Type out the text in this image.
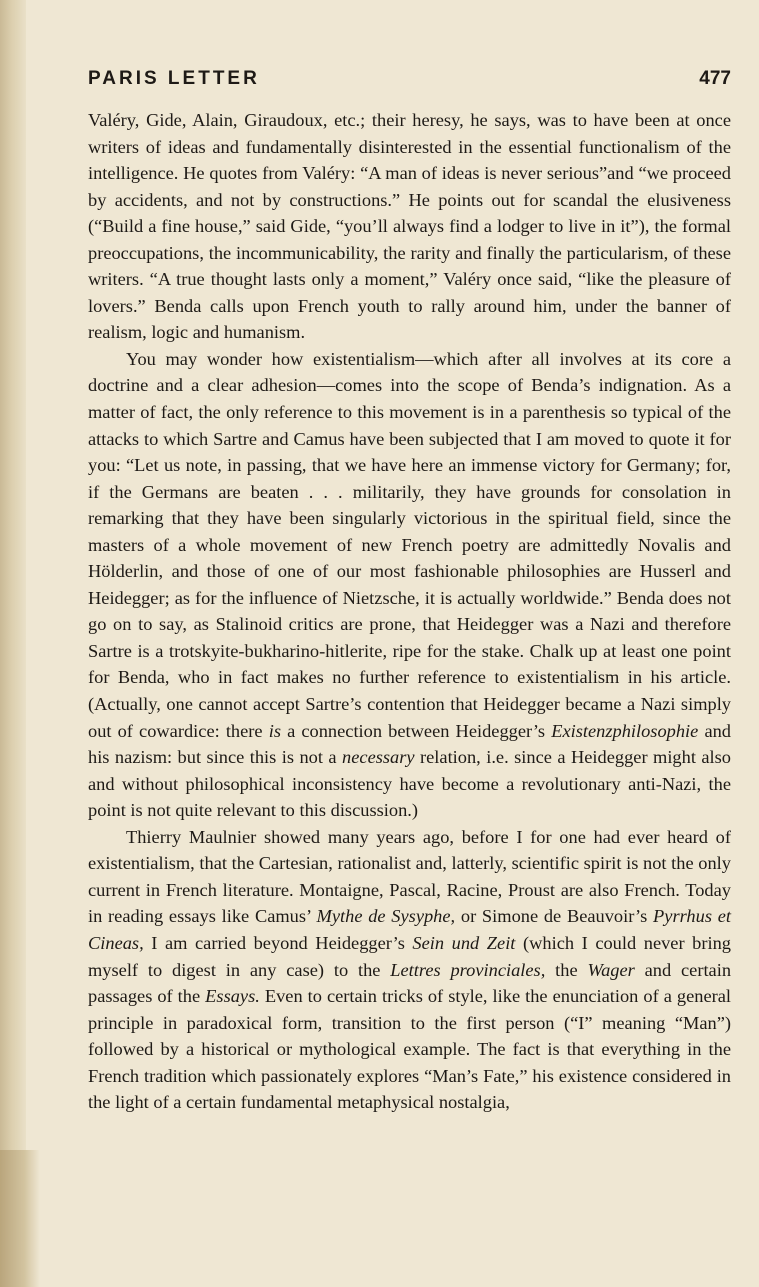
PARIS LETTER	477

Valéry, Gide, Alain, Giraudoux, etc.; their heresy, he says, was to have been at once writers of ideas and fundamentally disinterested in the essential functionalism of the intelligence. He quotes from Valéry: “A man of ideas is never serious”and “we proceed by accidents, and not by constructions.” He points out for scandal the elusiveness (“Build a fine house,” said Gide, “you’ll always find a lodger to live in it”), the formal preoccupations, the incommunicability, the rarity and finally the particularism, of these writers. “A true thought lasts only a moment,” Valéry once said, “like the pleasure of lovers.” Benda calls upon French youth to rally around him, under the banner of realism, logic and humanism.

You may wonder how existentialism—which after all involves at its core a doctrine and a clear adhesion—comes into the scope of Benda’s indignation. As a matter of fact, the only reference to this movement is in a parenthesis so typical of the attacks to which Sartre and Camus have been subjected that I am moved to quote it for you: “Let us note, in passing, that we have here an immense victory for Germany; for, if the Germans are beaten . . . militarily, they have grounds for consolation in remarking that they have been singularly victorious in the spiritual field, since the masters of a whole movement of new French poetry are admittedly Novalis and Hölderlin, and those of one of our most fashionable philosophies are Husserl and Heidegger; as for the influence of Nietzsche, it is actually worldwide.” Benda does not go on to say, as Stalinoid critics are prone, that Heidegger was a Nazi and therefore Sartre is a trotskyite-bukharino-hitlerite, ripe for the stake. Chalk up at least one point for Benda, who in fact makes no further reference to existentialism in his article. (Actually, one cannot accept Sartre’s contention that Heidegger became a Nazi simply out of cowardice: there is a connection between Heidegger’s Existenzphilosophie and his nazism: but since this is not a necessary relation, i.e. since a Heidegger might also and without philosophical inconsistency have become a revolutionary anti-Nazi, the point is not quite relevant to this discussion.)

Thierry Maulnier showed many years ago, before I for one had ever heard of existentialism, that the Cartesian, rationalist and, latterly, scientific spirit is not the only current in French literature. Montaigne, Pascal, Racine, Proust are also French. Today in reading essays like Camus’ Mythe de Sysyphe, or Simone de Beauvoir’s Pyrrhus et Cineas, I am carried beyond Heidegger’s Sein und Zeit (which I could never bring myself to digest in any case) to the Lettres provinciales, the Wager and certain passages of the Essays. Even to certain tricks of style, like the enunciation of a general principle in paradoxical form, transition to the first person (“I” meaning “Man”) followed by a historical or mythological example. The fact is that everything in the French tradition which passionately explores “Man’s Fate,” his existence considered in the light of a certain fundamental metaphysical nostalgia,
